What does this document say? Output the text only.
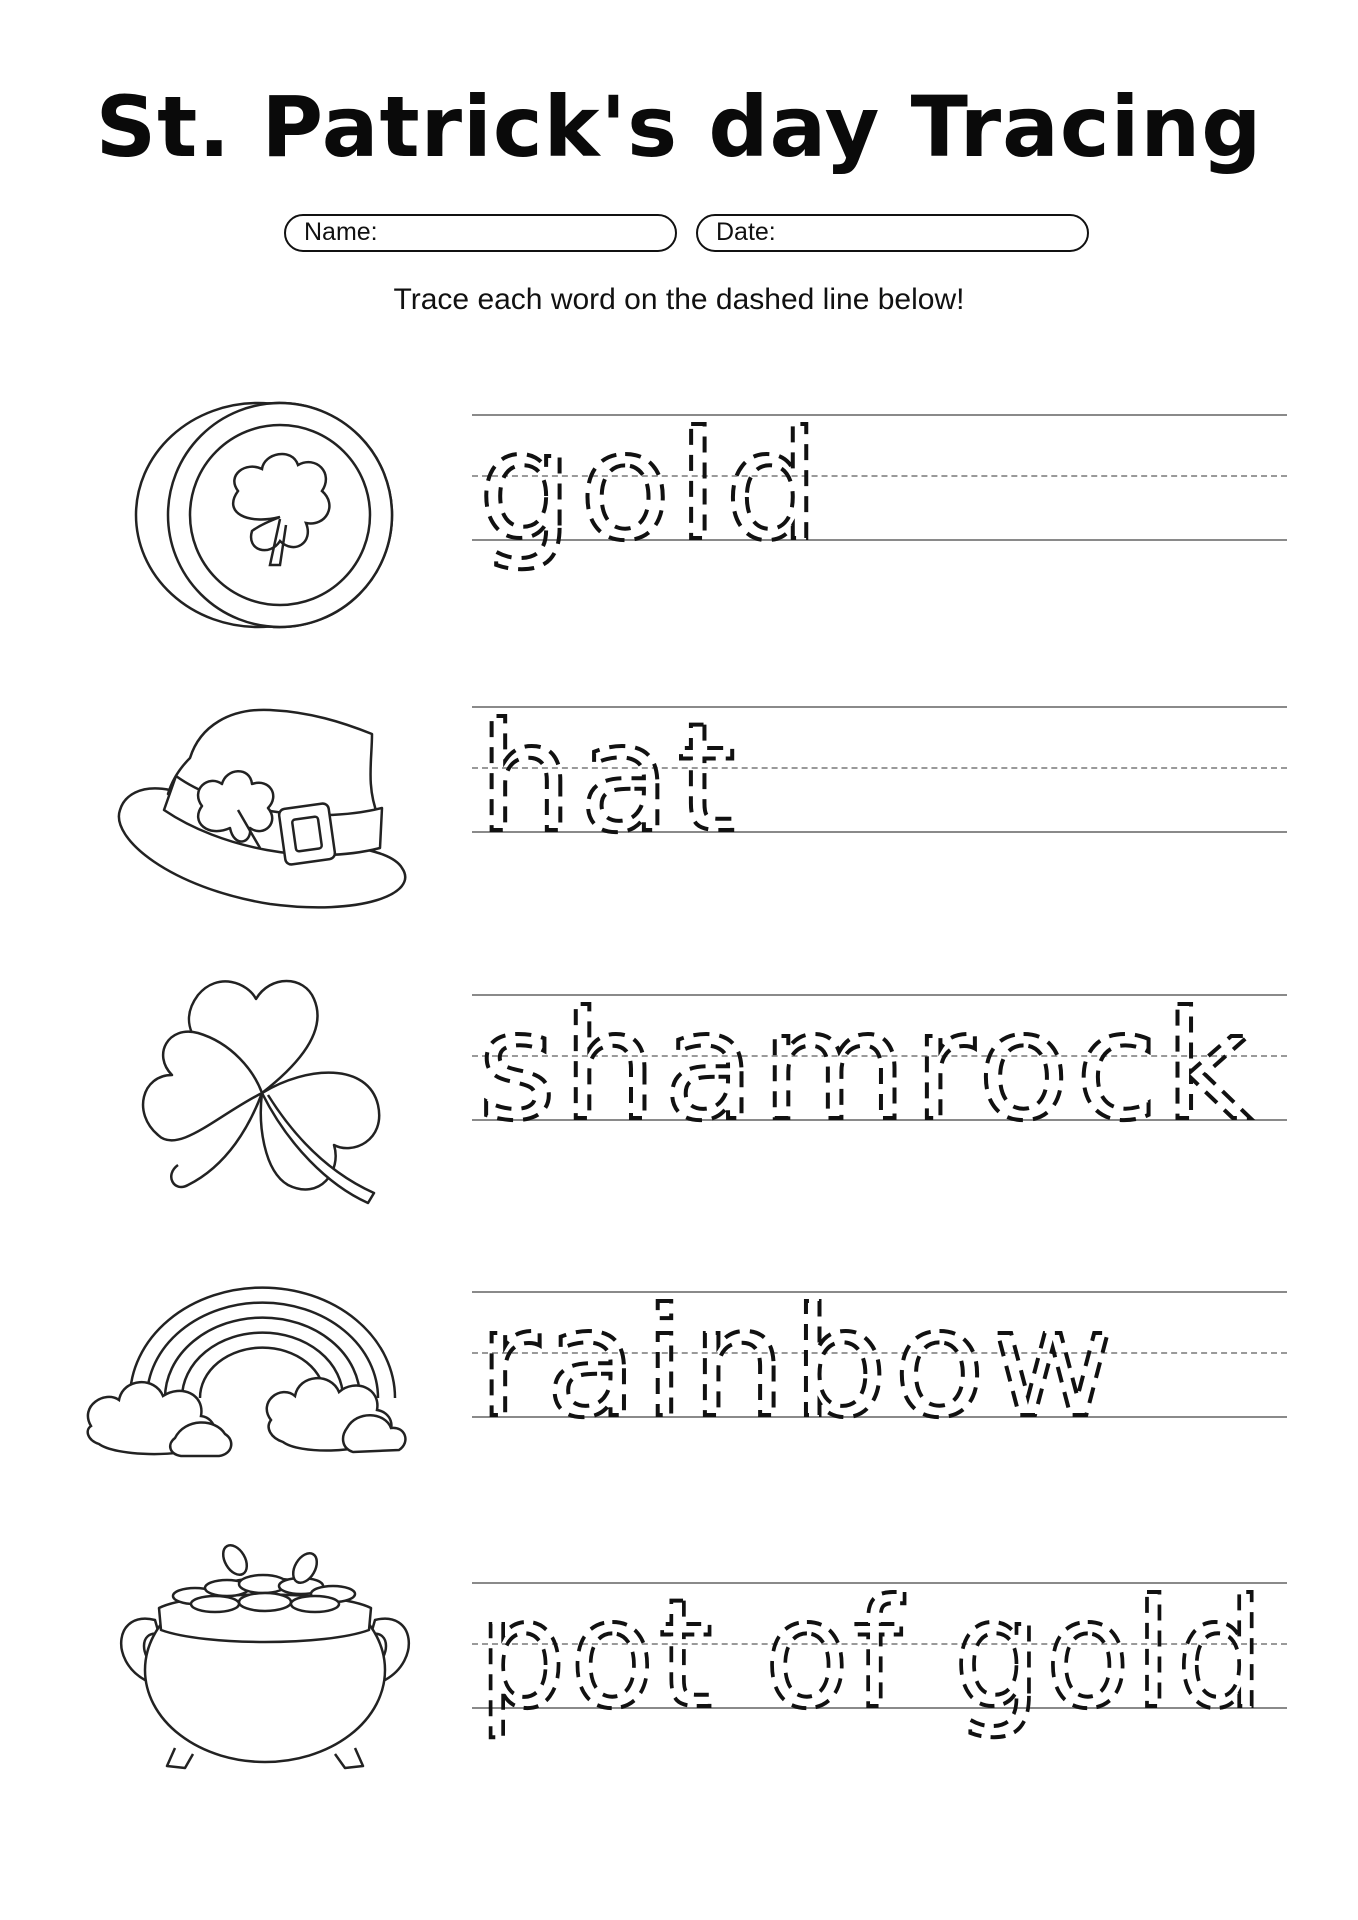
St. Patrick's day Tracing
Name:	Date:
Trace each word on the dashed line below!
gold
hat
shamrock
rainbow
pot of gold
